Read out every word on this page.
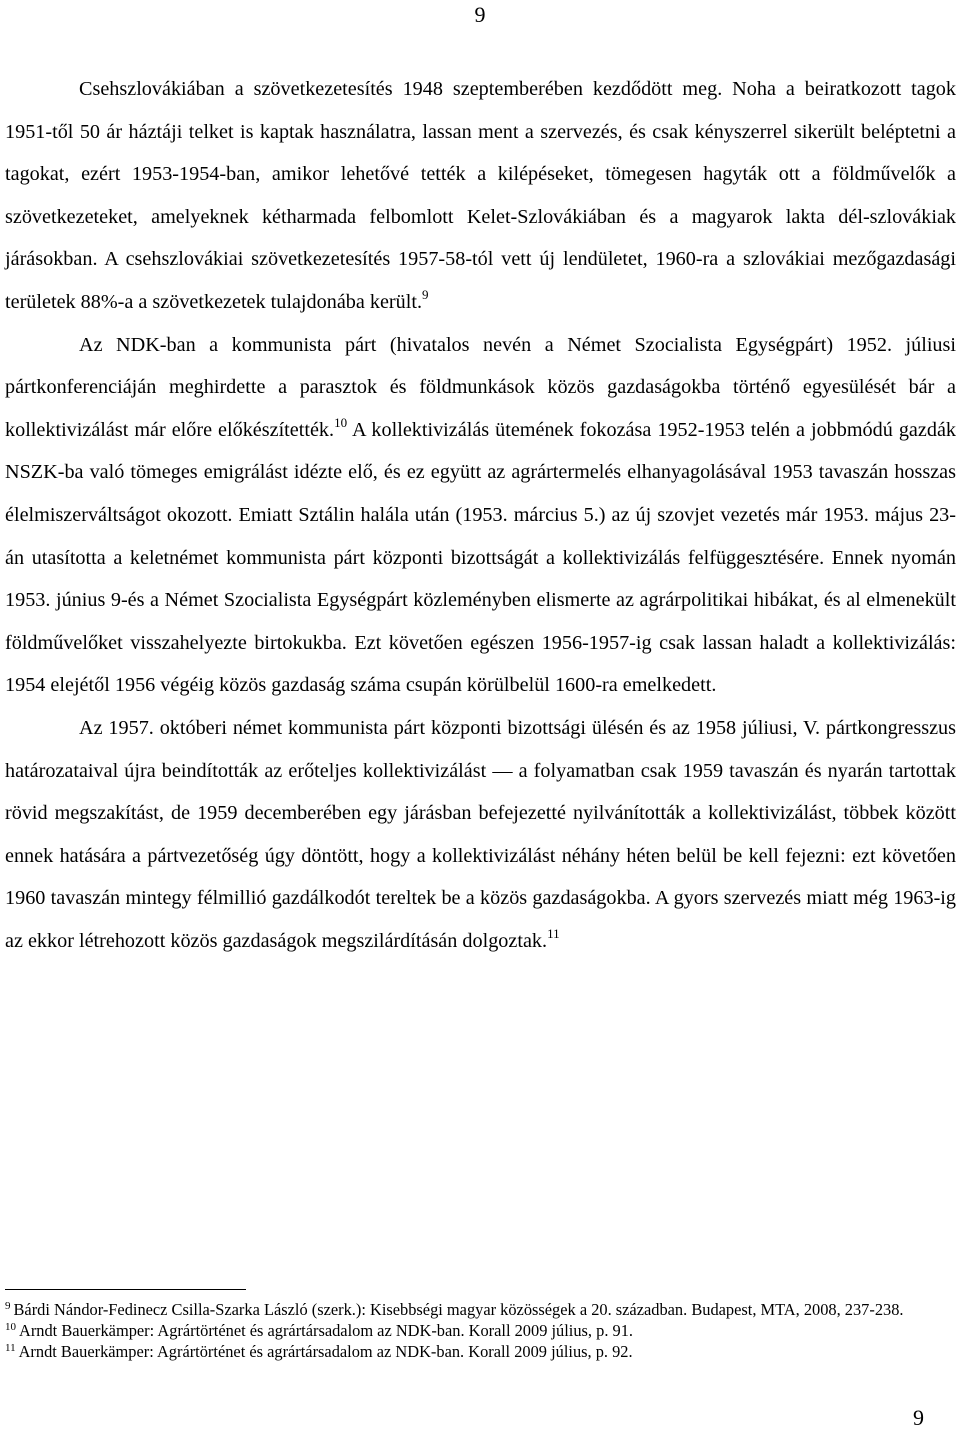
9

Csehszlovákiában a szövetkezetesítés 1948 szeptemberében kezdődött meg. Noha a beiratkozott tagok 1951-től 50 ár háztáji telket is kaptak használatra, lassan ment a szervezés, és csak kényszerrel sikerült beléptetni a tagokat, ezért 1953-1954-ban, amikor lehetővé tették a kilépéseket, tömegesen hagyták ott a földművelők a szövetkezeteket, amelyeknek kétharmada felbomlott Kelet-Szlovákiában és a magyarok lakta dél-szlovákiak járásokban. A csehszlovákiai szövetkezetesítés 1957-58-tól vett új lendületet, 1960-ra a szlovákiai mezőgazdasági területek 88%-a a szövetkezetek tulajdonába került.$^9$

Az NDK-ban a kommunista párt (hivatalos nevén a Német Szocialista Egységpárt) 1952. júliusi pártkonferenciáján meghirdette a parasztok és földmunkások közös gazdaságokba történő egyesülését bár a kollektivizálást már előre előkészítették.$^{10}$ A kollektivizálás ütemének fokozása 1952-1953 telén a jobbmódú gazdák NSZK-ba való tömeges emigrálást idézte elő, és ez együtt az agrártermelés elhanyagolásával 1953 tavaszán hosszas élelmiszerváltságot okozott. Emiatt Sztálin halála után (1953. március 5.) az új szovjet vezetés már 1953. május 23-án utasította a keletnémet kommunista párt központi bizottságát a kollektivizálás felfüggesztésére. Ennek nyomán 1953. június 9-és a Német Szocialista Egységpárt közleményben elismerte az agrárpolitikai hibákat, és al elmenekült földművelőket visszahelyezte birtokukba. Ezt követően egészen 1956-1957-ig csak lassan haladt a kollektivizálás: 1954 elejétől 1956 végéig közös gazdaság száma csupán körülbelül 1600-ra emelkedett.

Az 1957. októberi német kommunista párt központi bizottsági ülésén és az 1958 júliusi, V. pártkongresszus határozataival újra beindították az erőteljes kollektivizálást — a folyamatban csak 1959 tavaszán és nyarán tartottak rövid megszakítást, de 1959 decemberében egy járásban befejezetté nyilvánították a kollektivizálást, többek között ennek hatására a pártvezetőség úgy döntött, hogy a kollektivizálást néhány héten belül be kell fejezni: ezt követően 1960 tavaszán mintegy félmillió gazdálkodót tereltek be a közös gazdaságokba. A gyors szervezés miatt még 1963-ig az ekkor létrehozott közös gazdaságok megszilárdításán dolgoztak.$^{11}$

$^9$ Bárdi Nándor-Fedinecz Csilla-Szarka László (szerk.): Kisebbségi magyar közösségek a 20. században. Budapest, MTA, 2008, 237-238.

$^{10}$ Arndt Bauerkämper: Agrártörténet és agrártársadalom az NDK-ban. Korall 2009 július, p. 91.

$^{11}$ Arndt Bauerkämper: Agrártörténet és agrártársadalom az NDK-ban. Korall 2009 július, p. 92.

9
